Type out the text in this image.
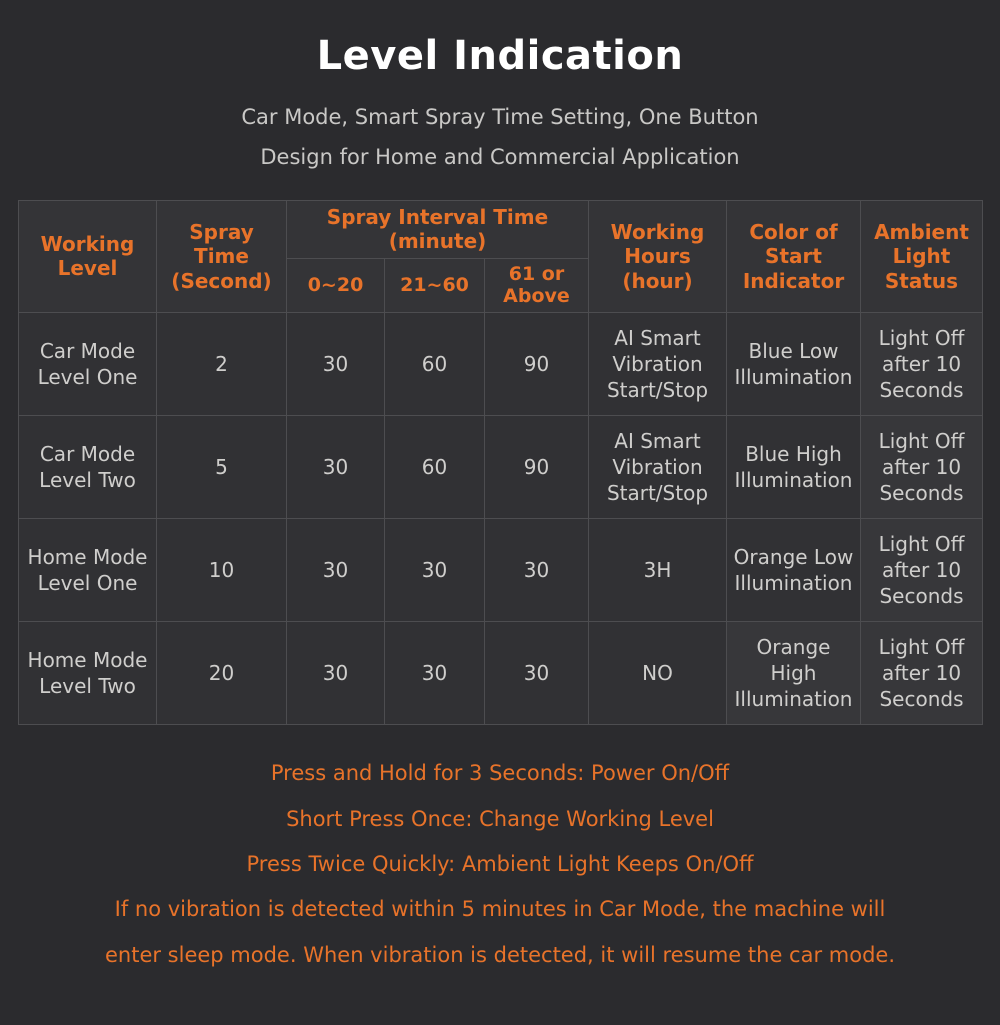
Level Indication
Car Mode, Smart Spray Time Setting, One Button
Design for Home and Commercial Application
Working Level	Spray Time (Second)	Spray Interval Time (minute)			Working Hours (hour)	Color of Start Indicator	Ambient Light Status
		0~20	21~60	61 or Above			
Car Mode Level One	2	30	60	90	AI Smart Vibration Start/Stop	Blue Low Illumination	Light Off after 10 Seconds
Car Mode Level Two	5	30	60	90	AI Smart Vibration Start/Stop	Blue High Illumination	Light Off after 10 Seconds
Home Mode Level One	10	30	30	30	3H	Orange Low Illumination	Light Off after 10 Seconds
Home Mode Level Two	20	30	30	30	NO	Orange High Illumination	Light Off after 10 Seconds
Press and Hold for 3 Seconds: Power On/Off
Short Press Once: Change Working Level
Press Twice Quickly: Ambient Light Keeps On/Off
If no vibration is detected within 5 minutes in Car Mode, the machine will
enter sleep mode. When vibration is detected, it will resume the car mode.
